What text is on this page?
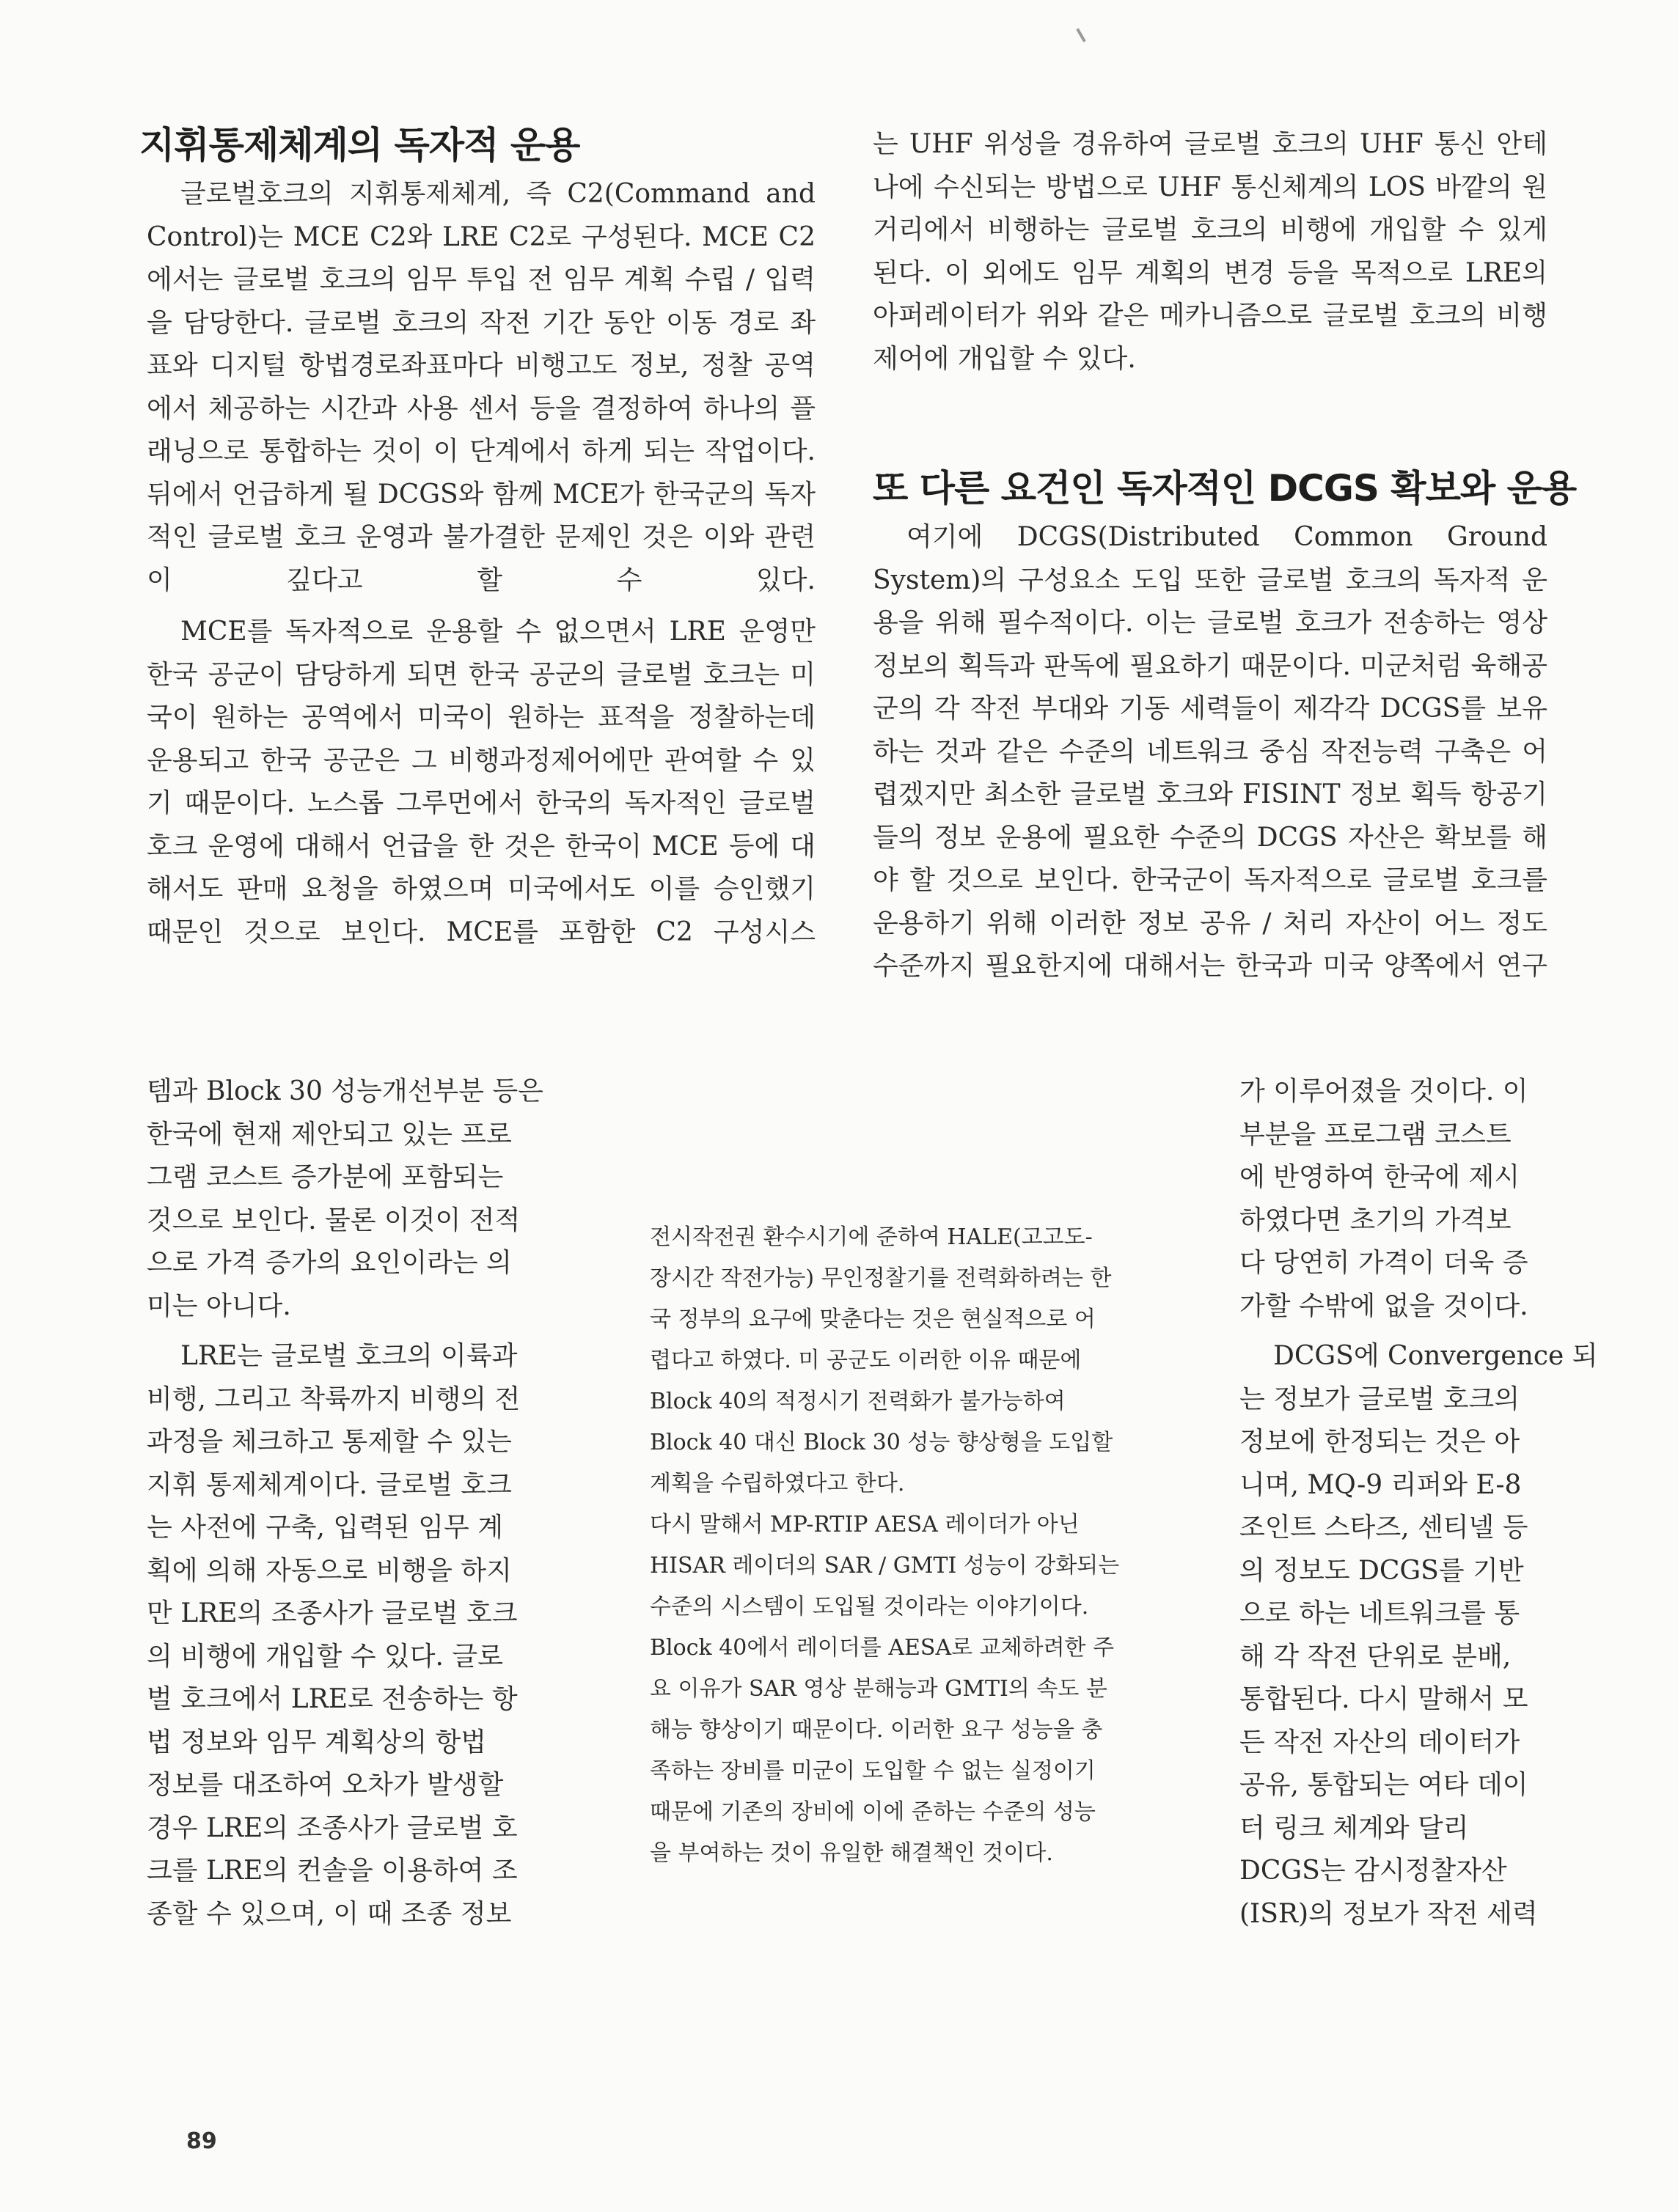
지휘통제체계의 독자적 운용

글로벌호크의 지휘통제체계, 즉 C2(Command and Control)는 MCE C2와 LRE C2로 구성된다. MCE C2에서는 글로벌 호크의 임무 투입 전 임무 계획 수립 / 입력을 담당한다. 글로벌 호크의 작전 기간 동안 이동 경로 좌표와 디지털 항법경로좌표마다 비행고도 정보, 정찰 공역에서 체공하는 시간과 사용 센서 등을 결정하여 하나의 플래닝으로 통합하는 것이 이 단계에서 하게 되는 작업이다. 뒤에서 언급하게 될 DCGS와 함께 MCE가 한국군의 독자적인 글로벌 호크 운영과 불가결한 문제인 것은 이와 관련이 깊다고 할 수 있다.

MCE를 독자적으로 운용할 수 없으면서 LRE 운영만 한국 공군이 담당하게 되면 한국 공군의 글로벌 호크는 미국이 원하는 공역에서 미국이 원하는 표적을 정찰하는데 운용되고 한국 공군은 그 비행과정제어에만 관여할 수 있기 때문이다. 노스롭 그루먼에서 한국의 독자적인 글로벌 호크 운영에 대해서 언급을 한 것은 한국이 MCE 등에 대해서도 판매 요청을 하였으며 미국에서도 이를 승인했기 때문인 것으로 보인다. MCE를 포함한 C2 구성시스

템과 Block 30 성능개선부분 등은
한국에 현재 제안되고 있는 프로
그램 코스트 증가분에 포함되는
것으로 보인다. 물론 이것이 전적
으로 가격 증가의 요인이라는 의
미는 아니다.
LRE는 글로벌 호크의 이륙과
비행, 그리고 착륙까지 비행의 전
과정을 체크하고 통제할 수 있는
지휘 통제체계이다. 글로벌 호크
는 사전에 구축, 입력된 임무 계
획에 의해 자동으로 비행을 하지
만 LRE의 조종사가 글로벌 호크
의 비행에 개입할 수 있다. 글로
벌 호크에서 LRE로 전송하는 항
법 정보와 임무 계획상의 항법
정보를 대조하여 오차가 발생할
경우 LRE의 조종사가 글로벌 호
크를 LRE의 컨솔을 이용하여 조
종할 수 있으며, 이 때 조종 정보

는 UHF 위성을 경유하여 글로벌 호크의 UHF 통신 안테나에 수신되는 방법으로 UHF 통신체계의 LOS 바깥의 원거리에서 비행하는 글로벌 호크의 비행에 개입할 수 있게 된다. 이 외에도 임무 계획의 변경 등을 목적으로 LRE의 아퍼레이터가 위와 같은 메카니즘으로 글로벌 호크의 비행 제어에 개입할 수 있다.

또 다른 요건인 독자적인 DCGS 확보와 운용

여기에 DCGS(Distributed Common Ground System)의 구성요소 도입 또한 글로벌 호크의 독자적 운용을 위해 필수적이다. 이는 글로벌 호크가 전송하는 영상 정보의 획득과 판독에 필요하기 때문이다. 미군처럼 육해공군의 각 작전 부대와 기동 세력들이 제각각 DCGS를 보유하는 것과 같은 수준의 네트워크 중심 작전능력 구축은 어렵겠지만 최소한 글로벌 호크와 FISINT 정보 획득 항공기들의 정보 운용에 필요한 수준의 DCGS 자산은 확보를 해야 할 것으로 보인다. 한국군이 독자적으로 글로벌 호크를 운용하기 위해 이러한 정보 공유 / 처리 자산이 어느 정도 수준까지 필요한지에 대해서는 한국과 미국 양쪽에서 연구

가 이루어졌을 것이다. 이
부분을 프로그램 코스트
에 반영하여 한국에 제시
하였다면 초기의 가격보
다 당연히 가격이 더욱 증
가할 수밖에 없을 것이다.
DCGS에 Convergence 되
는 정보가 글로벌 호크의
정보에 한정되는 것은 아
니며, MQ-9 리퍼와 E-8
조인트 스타즈, 센티넬 등
의 정보도 DCGS를 기반
으로 하는 네트워크를 통
해 각 작전 단위로 분배,
통합된다. 다시 말해서 모
든 작전 자산의 데이터가
공유, 통합되는 여타 데이
터 링크 체계와 달리
DCGS는 감시정찰자산
(ISR)의 정보가 작전 세력
전시작전권 환수시기에 준하여 HALE(고고도-
장시간 작전가능) 무인정찰기를 전력화하려는 한
국 정부의 요구에 맞춘다는 것은 현실적으로 어
렵다고 하였다. 미 공군도 이러한 이유 때문에
Block 40의 적정시기 전력화가 불가능하여
Block 40 대신 Block 30 성능 향상형을 도입할
계획을 수립하였다고 한다.
다시 말해서 MP-RTIP AESA 레이더가 아닌
HISAR 레이더의 SAR / GMTI 성능이 강화되는
수준의 시스템이 도입될 것이라는 이야기이다.
Block 40에서 레이더를 AESA로 교체하려한 주
요 이유가 SAR 영상 분해능과 GMTI의 속도 분
해능 향상이기 때문이다. 이러한 요구 성능을 충
족하는 장비를 미군이 도입할 수 없는 실정이기
때문에 기존의 장비에 이에 준하는 수준의 성능
을 부여하는 것이 유일한 해결책인 것이다.
89
